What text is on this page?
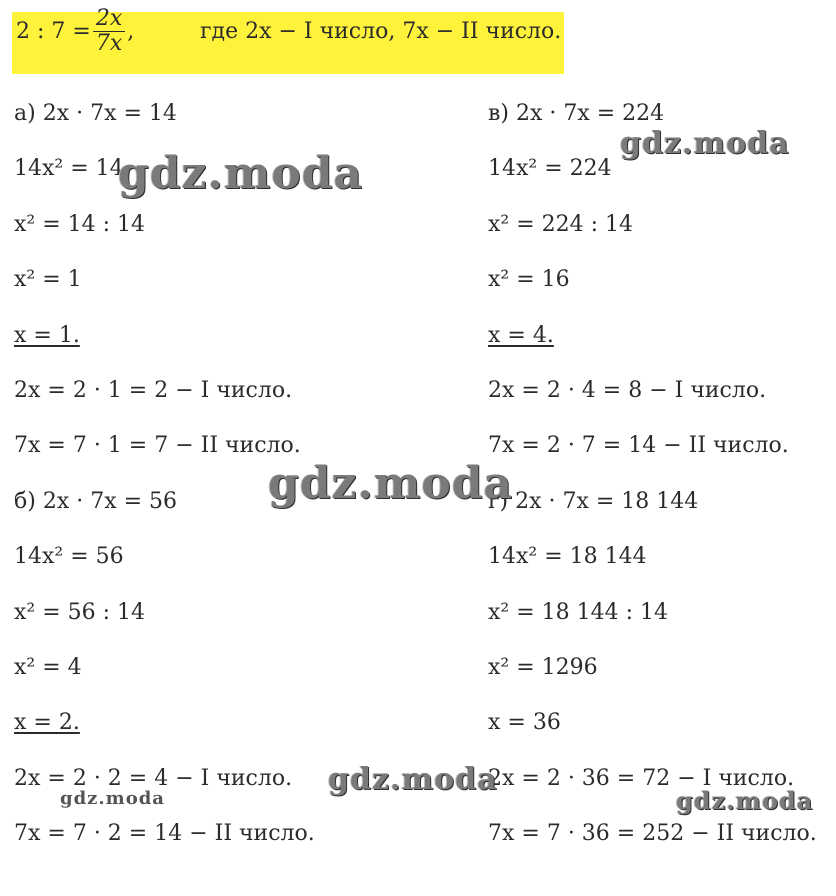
2 : $7 = \frac{2x}{7x}$ ,	где 2x − I число, 7x − II число.
а) 2x · 7x = 14
14x² = 14
x² = 14 : 14
x² = 1
x = 1.
2x = 2 · 1 = 2 − I число.
7x = 7 · 1 = 7 − II число.
б) 2x · 7x = 56
14x² = 56
x² = 56 : 14
x² = 4
x = 2.
2x = 2 · 2 = 4 − I число.
7x = 7 · 2 = 14 − II число.
в) 2x · 7x = 224
14x² = 224
x² = 224 : 14
x² = 16
x = 4.
2x = 2 · 4 = 8 − I число.
7x = 2 · 7 = 14 − II число.
г) 2x · 7x = 18 144
14x² = 18 144
x² = 18 144 : 14
x² = 1296
x = 36
2x = 2 · 36 = 72 − I число.
7x = 7 · 36 = 252 − II число.
gdz.moda
gdz.moda
gdz.moda
gdz.moda
gdz.moda	gdz.moda
